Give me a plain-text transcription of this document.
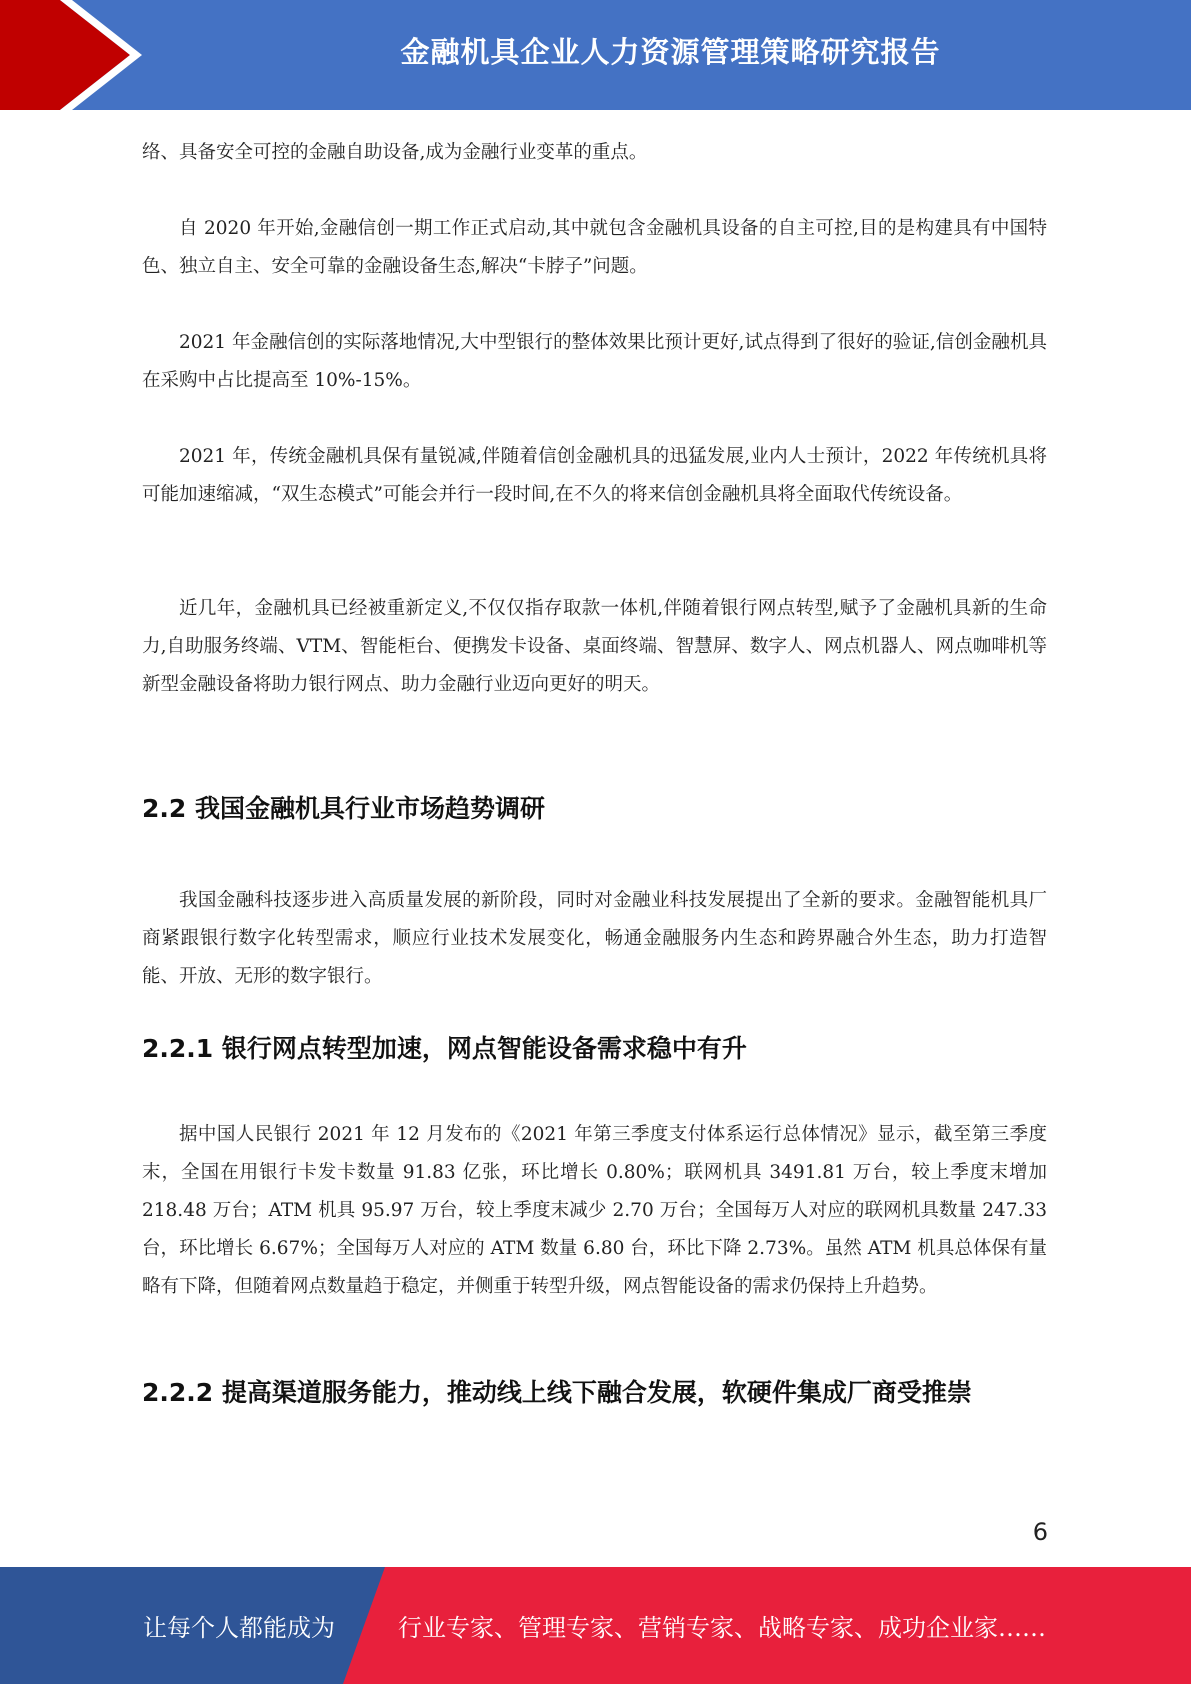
金融机具企业人力资源管理策略研究报告

络、具备安全可控的金融自助设备,成为金融行业变革的重点。

自 2020 年开始,金融信创一期工作正式启动,其中就包含金融机具设备的自主可控,目的是构建具有中国特色、独立自主、安全可靠的金融设备生态,解决“卡脖子”问题。

2021 年金融信创的实际落地情况,大中型银行的整体效果比预计更好,试点得到了很好的验证,信创金融机具在采购中占比提高至 10%-15%。

2021 年，传统金融机具保有量锐减,伴随着信创金融机具的迅猛发展,业内人士预计，2022 年传统机具将可能加速缩减，“双生态模式”可能会并行一段时间,在不久的将来信创金融机具将全面取代传统设备。

近几年，金融机具已经被重新定义,不仅仅指存取款一体机,伴随着银行网点转型,赋予了金融机具新的生命力,自助服务终端、VTM、智能柜台、便携发卡设备、桌面终端、智慧屏、数字人、网点机器人、网点咖啡机等新型金融设备将助力银行网点、助力金融行业迈向更好的明天。

2.2 我国金融机具行业市场趋势调研

我国金融科技逐步进入高质量发展的新阶段，同时对金融业科技发展提出了全新的要求。金融智能机具厂商紧跟银行数字化转型需求，顺应行业技术发展变化，畅通金融服务内生态和跨界融合外生态，助力打造智能、开放、无形的数字银行。

2.2.1 银行网点转型加速，网点智能设备需求稳中有升

据中国人民银行 2021 年 12 月发布的《2021 年第三季度支付体系运行总体情况》显示，截至第三季度末，全国在用银行卡发卡数量 91.83 亿张，环比增长 0.80%；联网机具 3491.81 万台，较上季度末增加 218.48 万台；ATM 机具 95.97 万台，较上季度末减少 2.70 万台；全国每万人对应的联网机具数量 247.33 台，环比增长 6.67%；全国每万人对应的 ATM 数量 6.80 台，环比下降 2.73%。虽然 ATM 机具总体保有量略有下降，但随着网点数量趋于稳定，并侧重于转型升级，网点智能设备的需求仍保持上升趋势。

2.2.2 提高渠道服务能力，推动线上线下融合发展，软硬件集成厂商受推崇
6
让每个人都能成为	行业专家、管理专家、营销专家、战略专家、成功企业家……
